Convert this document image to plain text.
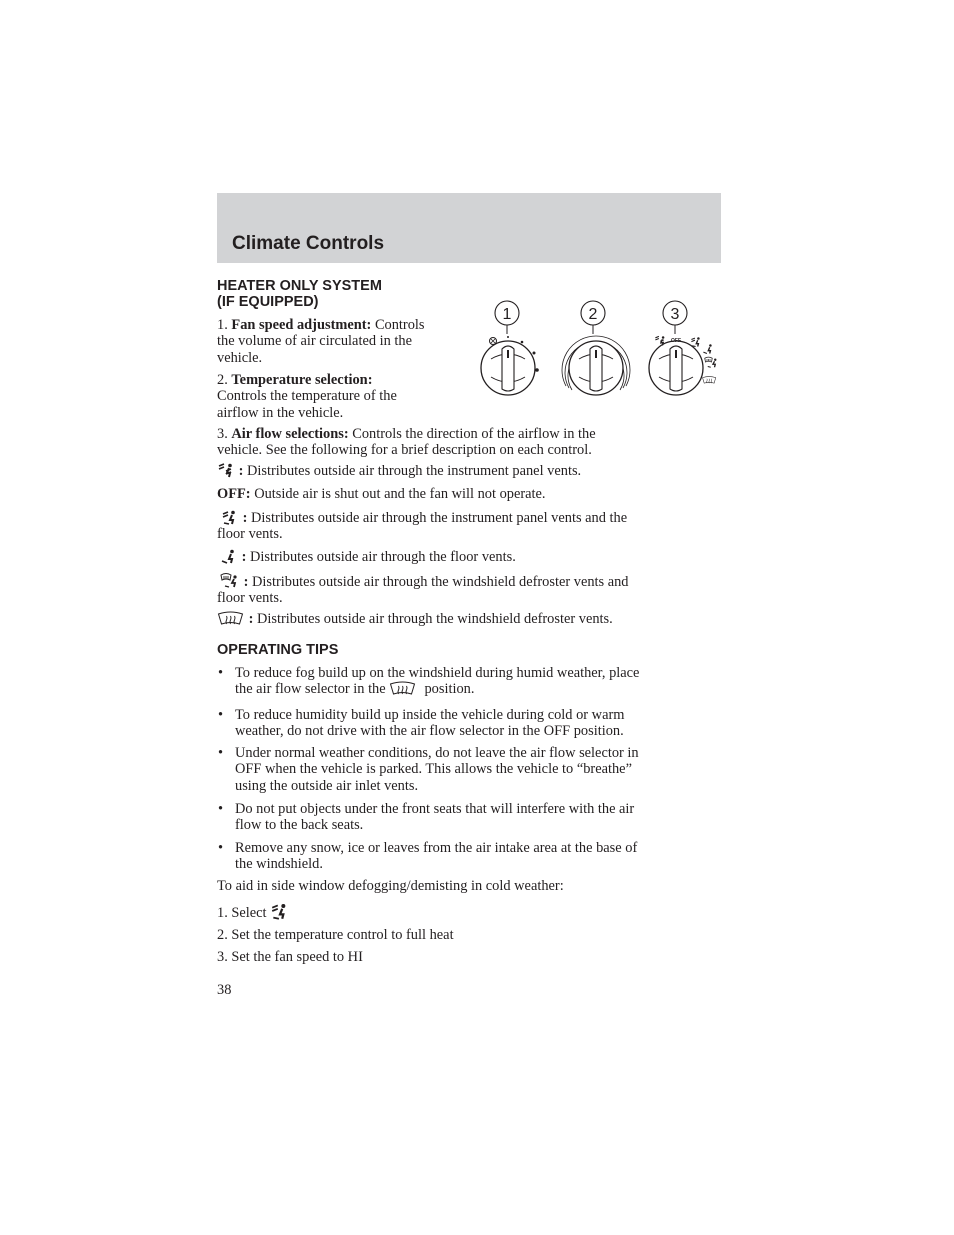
Climate Controls
HEATER ONLY SYSTEM
(IF EQUIPPED)
1. Fan speed adjustment: Controls
the volume of air circulated in the
vehicle.
2. Temperature selection:
Controls the temperature of the
airflow in the vehicle.
3. Air flow selections: Controls the direction of the airflow in the
vehicle. See the following for a brief description on each control.
1	2	3
OFF
: Distributes outside air through the instrument panel vents.
OFF: Outside air is shut out and the fan will not operate.
: Distributes outside air through the instrument panel vents and the
floor vents.
: Distributes outside air through the floor vents.
: Distributes outside air through the windshield defroster vents and
floor vents.
: Distributes outside air through the windshield defroster vents.
OPERATING TIPS
• To reduce fog build up on the windshield during humid weather, place
the air flow selector in the	position.
• To reduce humidity build up inside the vehicle during cold or warm
weather, do not drive with the air flow selector in the OFF position.
• Under normal weather conditions, do not leave the air flow selector in
OFF when the vehicle is parked. This allows the vehicle to “breathe”
using the outside air inlet vents.
• Do not put objects under the front seats that will interfere with the air
flow to the back seats.
• Remove any snow, ice or leaves from the air intake area at the base of
the windshield.
To aid in side window defogging/demisting in cold weather:
1. Select
2. Set the temperature control to full heat
3. Set the fan speed to HI
38
